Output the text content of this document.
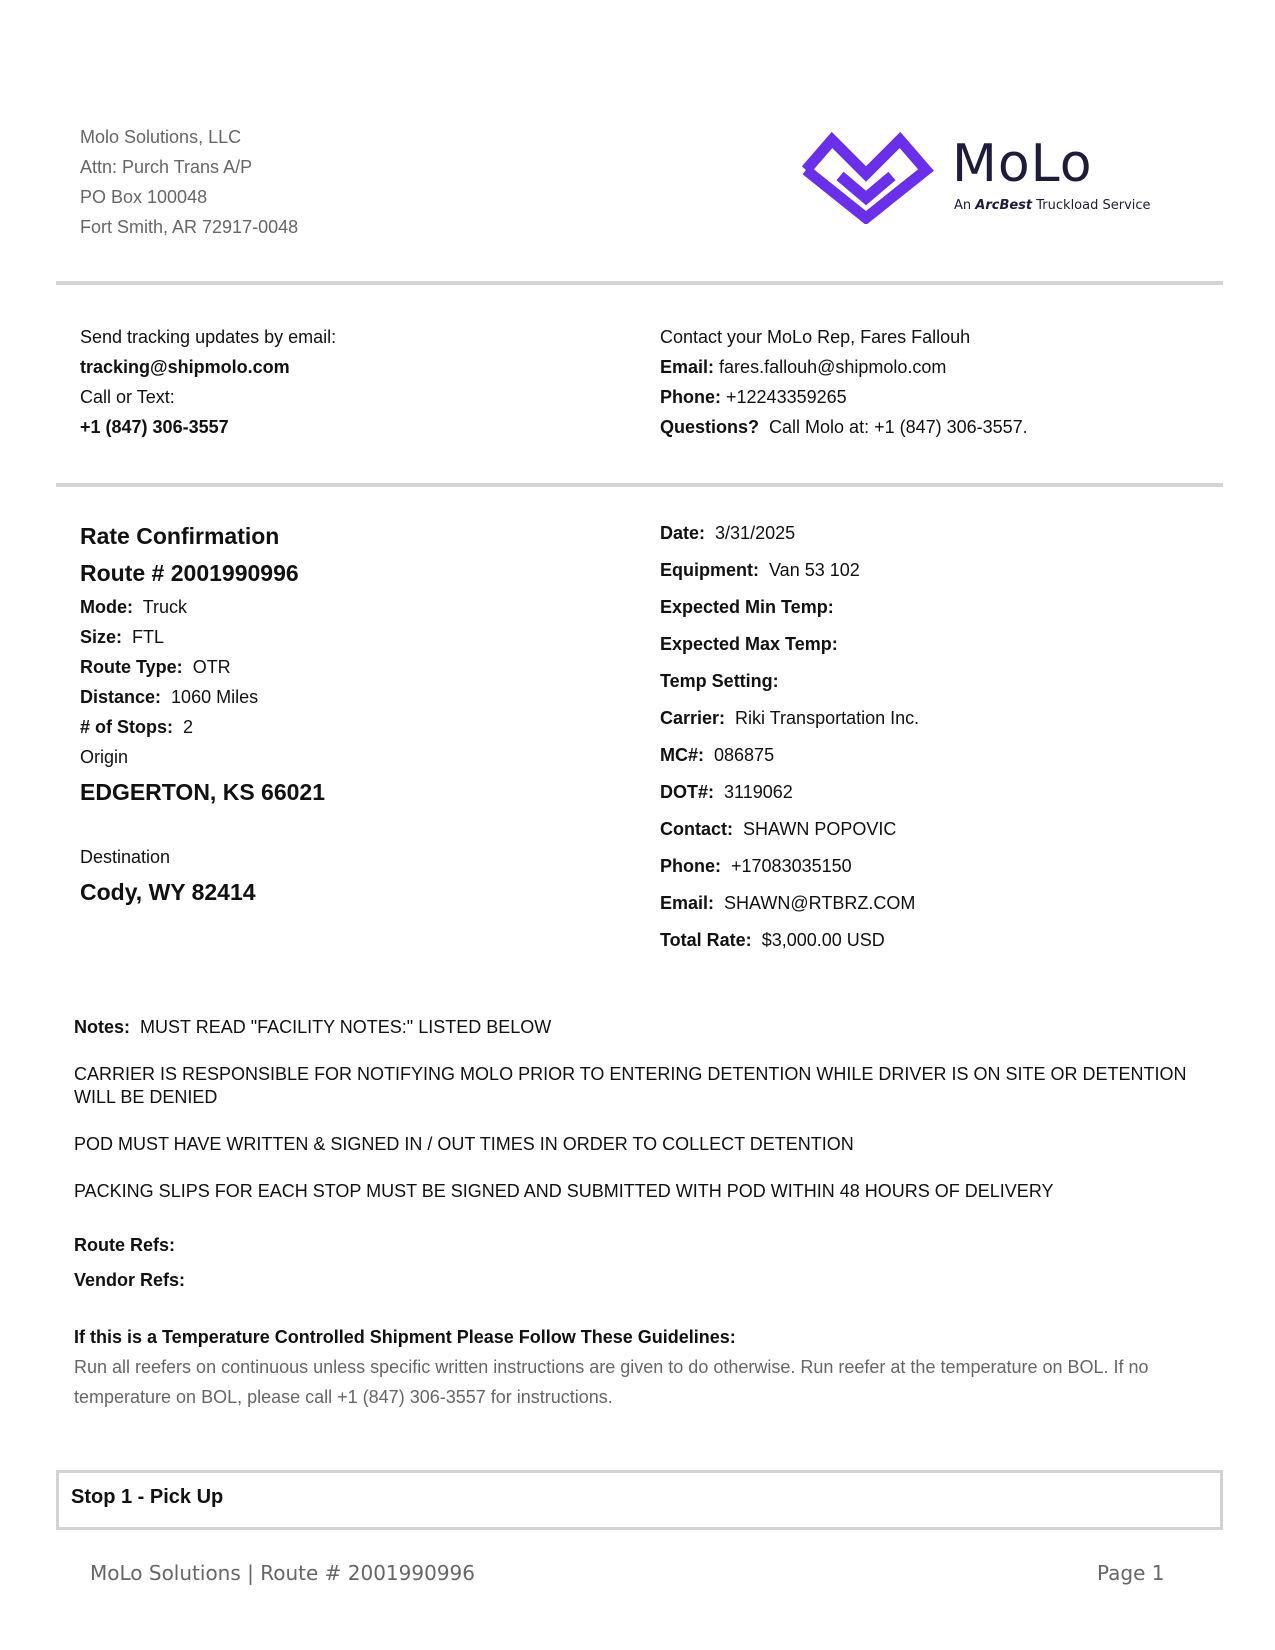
Molo Solutions, LLC
Attn: Purch Trans A/P
PO Box 100048
Fort Smith, AR 72917-0048
MoLo
An ArcBest Truckload Service
Send tracking updates by email:
tracking@shipmolo.com
Call or Text:
+1 (847) 306-3557
Contact your MoLo Rep, Fares Fallouh
Email: fares.fallouh@shipmolo.com
Phone: +12243359265
Questions? Call Molo at: +1 (847) 306-3557.
Rate Confirmation
Route # 2001990996
Mode: Truck
Size: FTL
Route Type: OTR
Distance: 1060 Miles
# of Stops: 2
Origin
EDGERTON, KS 66021
Destination
Cody, WY 82414
Date: 3/31/2025
Equipment: Van 53 102
Expected Min Temp:
Expected Max Temp:
Temp Setting:
Carrier: Riki Transportation Inc.
MC#: 086875
DOT#: 3119062
Contact: SHAWN POPOVIC
Phone: +17083035150
Email: SHAWN@RTBRZ.COM
Total Rate: $3,000.00 USD
Notes: MUST READ "FACILITY NOTES:" LISTED BELOW
CARRIER IS RESPONSIBLE FOR NOTIFYING MOLO PRIOR TO ENTERING DETENTION WHILE DRIVER IS ON SITE OR DETENTION WILL BE DENIED
POD MUST HAVE WRITTEN & SIGNED IN / OUT TIMES IN ORDER TO COLLECT DETENTION
PACKING SLIPS FOR EACH STOP MUST BE SIGNED AND SUBMITTED WITH POD WITHIN 48 HOURS OF DELIVERY
Route Refs:
Vendor Refs:
If this is a Temperature Controlled Shipment Please Follow These Guidelines:
Run all reefers on continuous unless specific written instructions are given to do otherwise. Run reefer at the temperature on BOL. If no temperature on BOL, please call +1 (847) 306-3557 for instructions.
Stop 1 - Pick Up
MoLo Solutions | Route # 2001990996	Page 1
